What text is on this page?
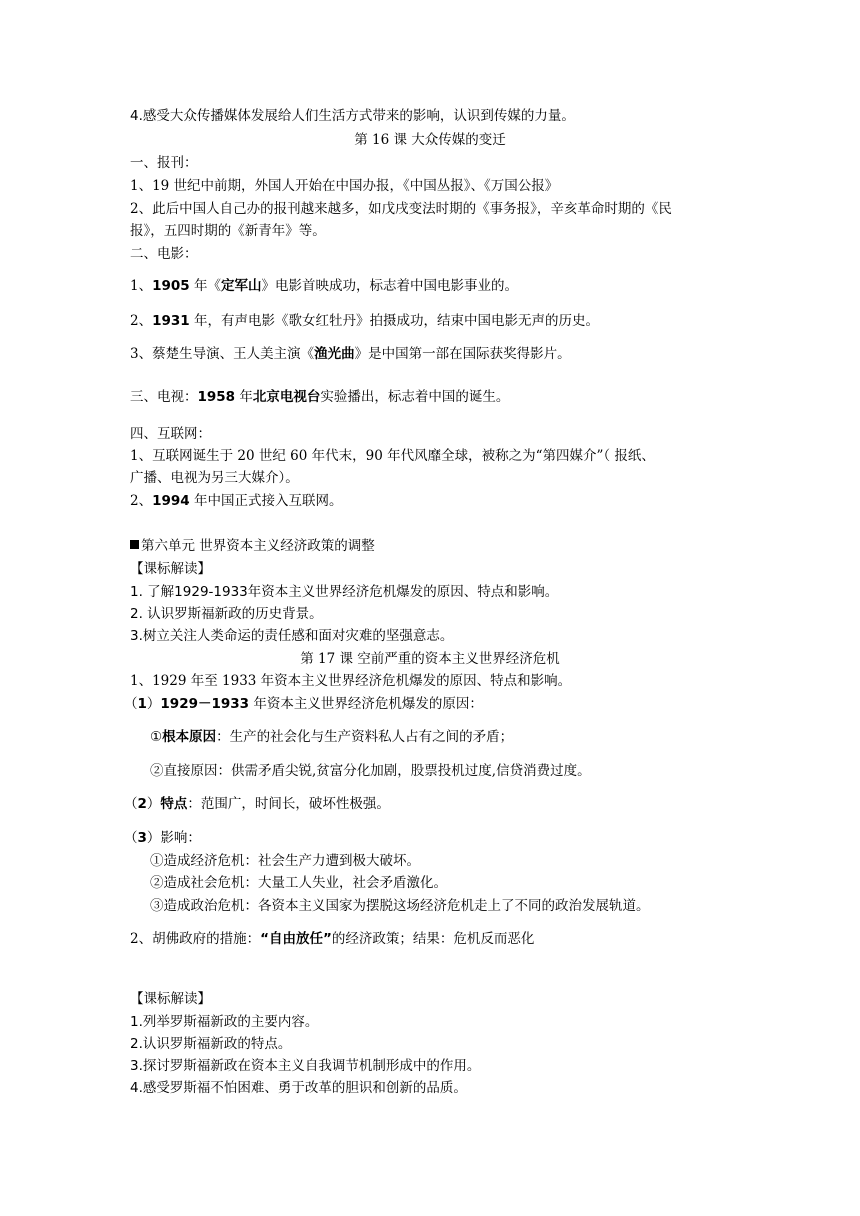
4.感受大众传播媒体发展给人们生活方式带来的影响，认识到传媒的力量。
第 16 课 大众传媒的变迁
一、报刊：
1、19 世纪中前期，外国人开始在中国办报，《中国丛报》、《万国公报》
2、此后中国人自己办的报刊越来越多，如戊戌变法时期的《事务报》，辛亥革命时期的《民
报》，五四时期的《新青年》等。
二、电影：
1、1905 年《定军山》电影首映成功，标志着中国电影事业的。
2、1931 年，有声电影《歌女红牡丹》拍摄成功，结束中国电影无声的历史。
3、蔡楚生导演、王人美主演《渔光曲》是中国第一部在国际获奖得影片。
三、电视：1958 年北京电视台实验播出，标志着中国的诞生。
四、互联网：
1、互联网诞生于 20 世纪 60 年代末，90 年代风靡全球，被称之为“第四媒介”（ 报纸、
广播、电视为另三大媒介）。
2、1994 年中国正式接入互联网。
第六单元 世界资本主义经济政策的调整
【课标解读】
1. 了解1929-1933年资本主义世界经济危机爆发的原因、特点和影响。
2. 认识罗斯福新政的历史背景。
3.树立关注人类命运的责任感和面对灾难的坚强意志。
第 17 课 空前严重的资本主义世界经济危机
1、1929 年至 1933 年资本主义世界经济危机爆发的原因、特点和影响。
（1）1929－1933 年资本主义世界经济危机爆发的原因：
①根本原因：生产的社会化与生产资料私人占有之间的矛盾；
②直接原因：供需矛盾尖锐,贫富分化加剧，股票投机过度,信贷消费过度。
（2）特点：范围广，时间长，破坏性极强。
（3）影响：
①造成经济危机：社会生产力遭到极大破坏。
②造成社会危机：大量工人失业，社会矛盾激化。
③造成政治危机：各资本主义国家为摆脱这场经济危机走上了不同的政治发展轨道。
2、胡佛政府的措施：“自由放任”的经济政策；结果：危机反而恶化
【课标解读】
1.列举罗斯福新政的主要内容。
2.认识罗斯福新政的特点。
3.探讨罗斯福新政在资本主义自我调节机制形成中的作用。
4.感受罗斯福不怕困难、勇于改革的胆识和创新的品质。
